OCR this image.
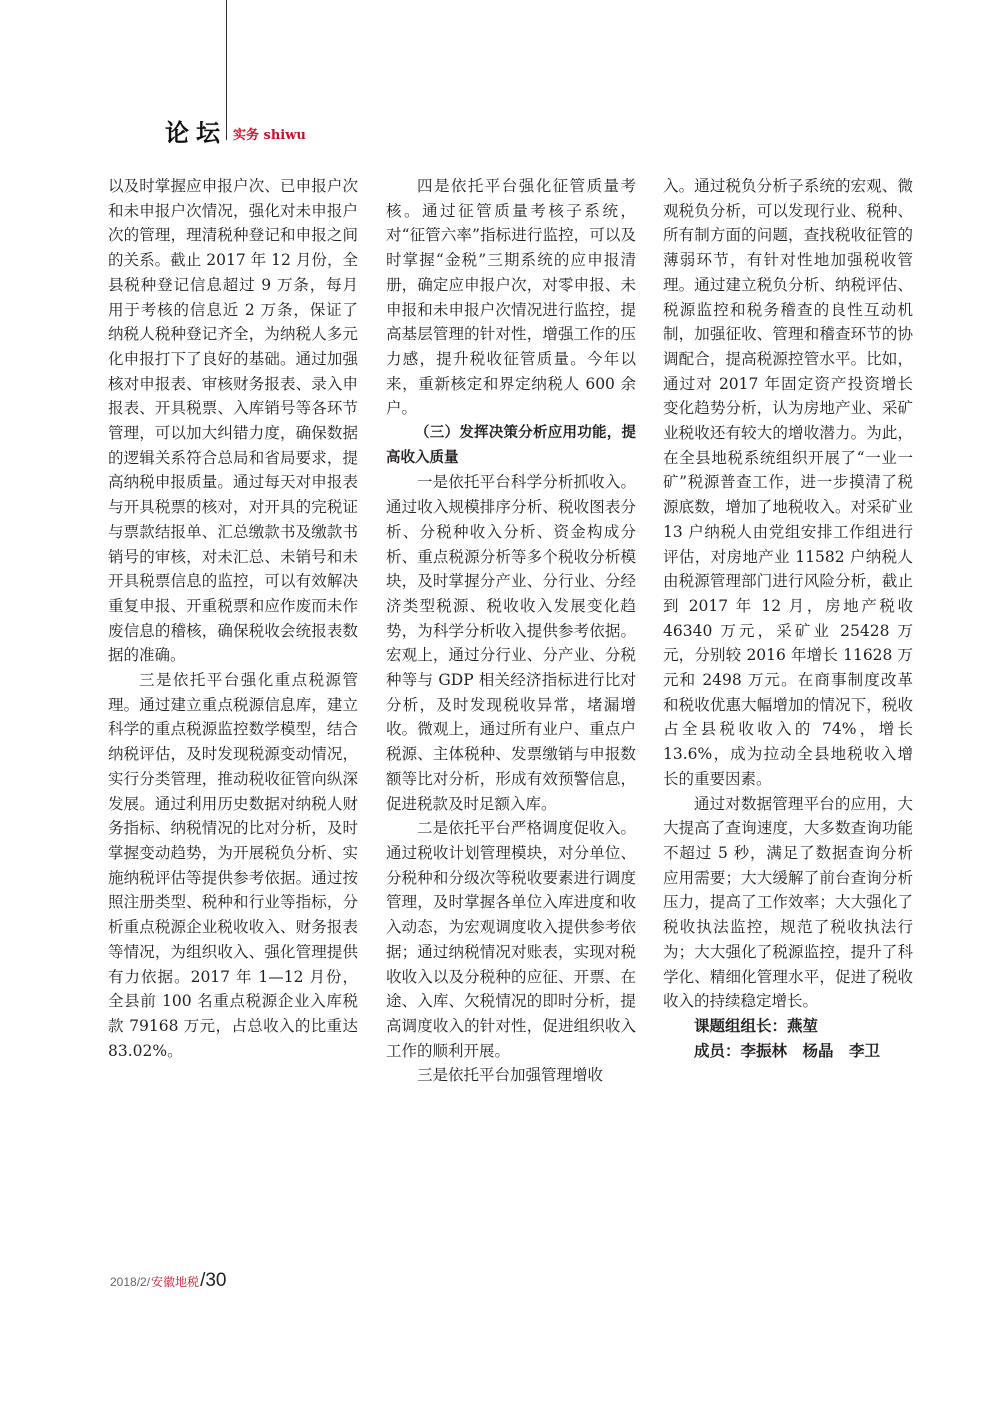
论坛 实务 shiwu

以及时掌握应申报户次、已申报户次和未申报户次情况，强化对未申报户次的管理，理清税种登记和申报之间的关系。截止 2017 年 12 月份，全县税种登记信息超过 9 万条，每月用于考核的信息近 2 万条，保证了纳税人税种登记齐全，为纳税人多元化申报打下了良好的基础。通过加强核对申报表、审核财务报表、录入申报表、开具税票、入库销号等各环节管理，可以加大纠错力度，确保数据的逻辑关系符合总局和省局要求，提高纳税申报质量。通过每天对申报表与开具税票的核对，对开具的完税证与票款结报单、汇总缴款书及缴款书销号的审核，对未汇总、未销号和未开具税票信息的监控，可以有效解决重复申报、开重税票和应作废而未作废信息的稽核，确保税收会统报表数据的准确。

三是依托平台强化重点税源管理。通过建立重点税源信息库，建立科学的重点税源监控数学模型，结合纳税评估，及时发现税源变动情况，实行分类管理，推动税收征管向纵深发展。通过利用历史数据对纳税人财务指标、纳税情况的比对分析，及时掌握变动趋势，为开展税负分析、实施纳税评估等提供参考依据。通过按照注册类型、税种和行业等指标，分析重点税源企业税收收入、财务报表等情况，为组织收入、强化管理提供有力依据。2017 年 1—12 月份，全县前 100 名重点税源企业入库税款 79168 万元，占总收入的比重达 83.02%。

四是依托平台强化征管质量考核。通过征管质量考核子系统，对“征管六率”指标进行监控，可以及时掌握“金税”三期系统的应申报清册，确定应申报户次，对零申报、未申报和未申报户次情况进行监控，提高基层管理的针对性，增强工作的压力感，提升税收征管质量。今年以来，重新核定和界定纳税人 600 余户。

（三）发挥决策分析应用功能，提高收入质量

一是依托平台科学分析抓收入。通过收入规模排序分析、税收图表分析、分税种收入分析、资金构成分析、重点税源分析等多个税收分析模块，及时掌握分产业、分行业、分经济类型税源、税收收入发展变化趋势，为科学分析收入提供参考依据。宏观上，通过分行业、分产业、分税种等与 GDP 相关经济指标进行比对分析，及时发现税收异常，堵漏增收。微观上，通过所有业户、重点户税源、主体税种、发票缴销与申报数额等比对分析，形成有效预警信息，促进税款及时足额入库。

二是依托平台严格调度促收入。通过税收计划管理模块，对分单位、分税种和分级次等税收要素进行调度管理，及时掌握各单位入库进度和收入动态，为宏观调度收入提供参考依据；通过纳税情况对账表，实现对税收收入以及分税种的应征、开票、在途、入库、欠税情况的即时分析，提高调度收入的针对性，促进组织收入工作的顺利开展。

三是依托平台加强管理增收

入。通过税负分析子系统的宏观、微观税负分析，可以发现行业、税种、所有制方面的问题，查找税收征管的薄弱环节，有针对性地加强税收管理。通过建立税负分析、纳税评估、税源监控和税务稽查的良性互动机制，加强征收、管理和稽查环节的协调配合，提高税源控管水平。比如，通过对 2017 年固定资产投资增长变化趋势分析，认为房地产业、采矿业税收还有较大的增收潜力。为此，在全县地税系统组织开展了“一业一矿”税源普查工作，进一步摸清了税源底数，增加了地税收入。对采矿业 13 户纳税人由党组安排工作组进行评估，对房地产业 11582 户纳税人由税源管理部门进行风险分析，截止到 2017 年 12 月，房地产税收 46340 万元，采矿业 25428 万元，分别较 2016 年增长 11628 万元和 2498 万元。在商事制度改革和税收优惠大幅增加的情况下，税收占全县税收收入的 74%，增长 13.6%，成为拉动全县地税收入增长的重要因素。

通过对数据管理平台的应用，大大提高了查询速度，大多数查询功能不超过 5 秒，满足了数据查询分析应用需要；大大缓解了前台查询分析压力，提高了工作效率；大大强化了税收执法监控，规范了税收执法行为；大大强化了税源监控，提升了科学化、精细化管理水平，促进了税收收入的持续稳定增长。

课题组组长：燕堃

成员：李振林　杨晶　李卫

2018/2/ 安徽地税 /30
